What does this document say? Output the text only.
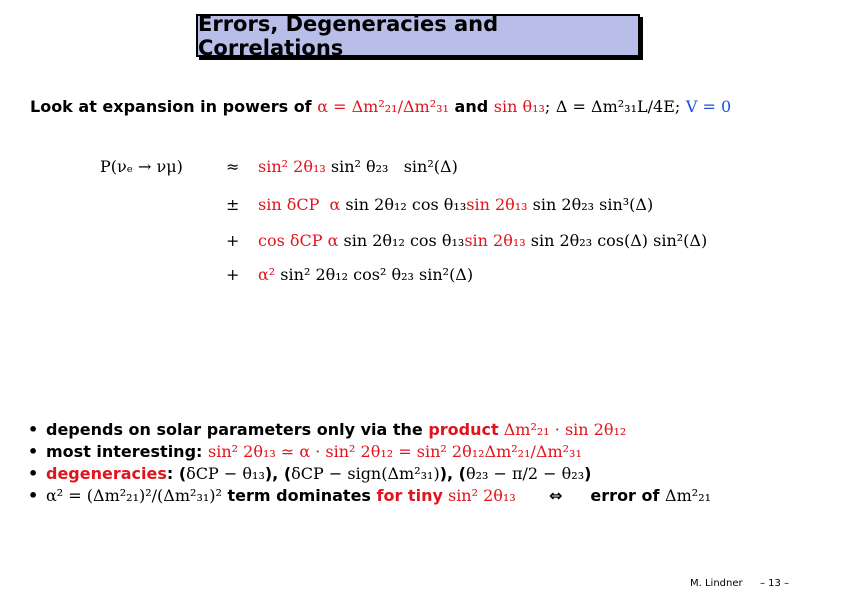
Errors, Degeneracies and Correlations
Look at expansion in powers of α = Δm²₂₁/Δm²₃₁ and sin θ₁₃; Δ = Δm²₃₁L/4E; V = 0
P(νₑ → νμ)	≈ sin² 2θ₁₃ sin² θ₂₃   sin²(Δ)
± sin δCP  α sin 2θ₁₂ cos θ₁₃sin 2θ₁₃ sin 2θ₂₃ sin³(Δ)
+ cos δCP α sin 2θ₁₂ cos θ₁₃sin 2θ₁₃ sin 2θ₂₃ cos(Δ) sin²(Δ)
+ α² sin² 2θ₁₂ cos² θ₂₃ sin²(Δ)
• depends on solar parameters only via the product Δm²₂₁ · sin 2θ₁₂
• most interesting: sin² 2θ₁₃ ≃ α · sin² 2θ₁₂ = sin² 2θ₁₂Δm²₂₁/Δm²₃₁
• degeneracies: (δCP − θ₁₃), (δCP − sign(Δm²₃₁)), (θ₂₃ − π/2 − θ₂₃)
• α² = (Δm²₂₁)²/(Δm²₃₁)² term dominates for tiny sin² 2θ₁₃      ⇔     error of Δm²₂₁
M. Lindner – 13 –
